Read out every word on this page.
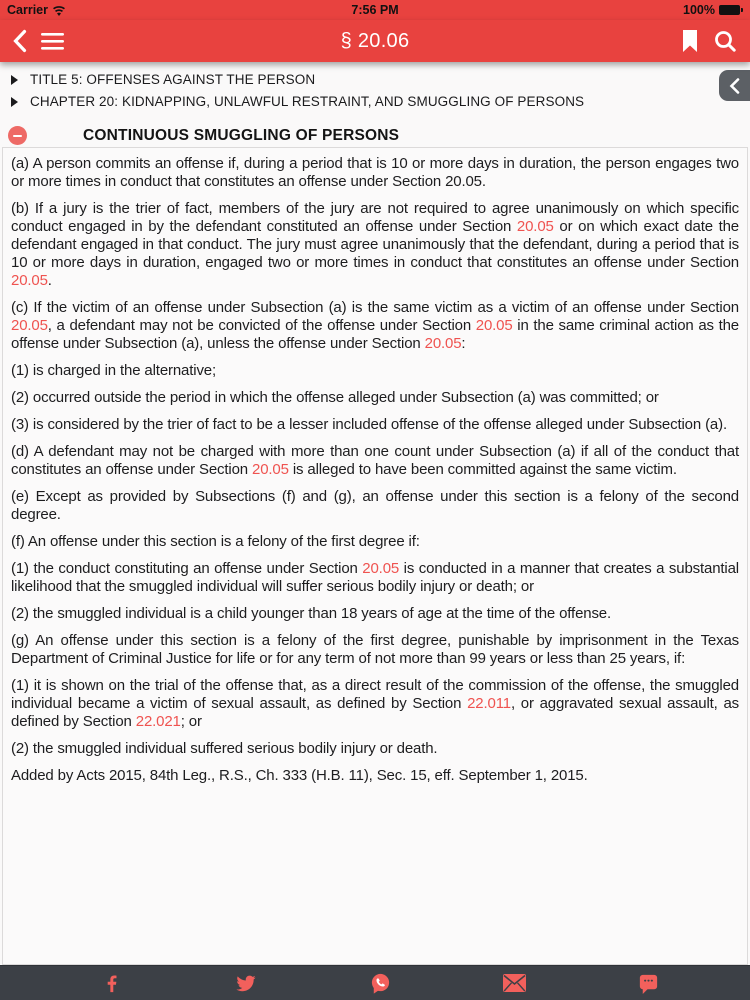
Carrier	7:56 PM	100%
§ 20.06
TITLE 5: OFFENSES AGAINST THE PERSON
CHAPTER 20: KIDNAPPING, UNLAWFUL RESTRAINT, AND SMUGGLING OF PERSONS
CONTINUOUS SMUGGLING OF PERSONS

(a) A person commits an offense if, during a period that is 10 or more days in duration, the person engages two or more times in conduct that constitutes an offense under Section 20.05.

(b) If a jury is the trier of fact, members of the jury are not required to agree unanimously on which specific conduct engaged in by the defendant constituted an offense under Section 20.05 or on which exact date the defendant engaged in that conduct. The jury must agree unanimously that the defendant, during a period that is 10 or more days in duration, engaged two or more times in conduct that constitutes an offense under Section 20.05.

(c) If the victim of an offense under Subsection (a) is the same victim as a victim of an offense under Section 20.05, a defendant may not be convicted of the offense under Section 20.05 in the same criminal action as the offense under Subsection (a), unless the offense under Section 20.05:

(1) is charged in the alternative;

(2) occurred outside the period in which the offense alleged under Subsection (a) was committed; or

(3) is considered by the trier of fact to be a lesser included offense of the offense alleged under Subsection (a).

(d) A defendant may not be charged with more than one count under Subsection (a) if all of the conduct that constitutes an offense under Section 20.05 is alleged to have been committed against the same victim.

(e) Except as provided by Subsections (f) and (g), an offense under this section is a felony of the second degree.

(f) An offense under this section is a felony of the first degree if:

(1) the conduct constituting an offense under Section 20.05 is conducted in a manner that creates a substantial likelihood that the smuggled individual will suffer serious bodily injury or death; or

(2) the smuggled individual is a child younger than 18 years of age at the time of the offense.

(g) An offense under this section is a felony of the first degree, punishable by imprisonment in the Texas Department of Criminal Justice for life or for any term of not more than 99 years or less than 25 years, if:

(1) it is shown on the trial of the offense that, as a direct result of the commission of the offense, the smuggled individual became a victim of sexual assault, as defined by Section 22.011, or aggravated sexual assault, as defined by Section 22.021; or

(2) the smuggled individual suffered serious bodily injury or death.

Added by Acts 2015, 84th Leg., R.S., Ch. 333 (H.B. 11), Sec. 15, eff. September 1, 2015.
